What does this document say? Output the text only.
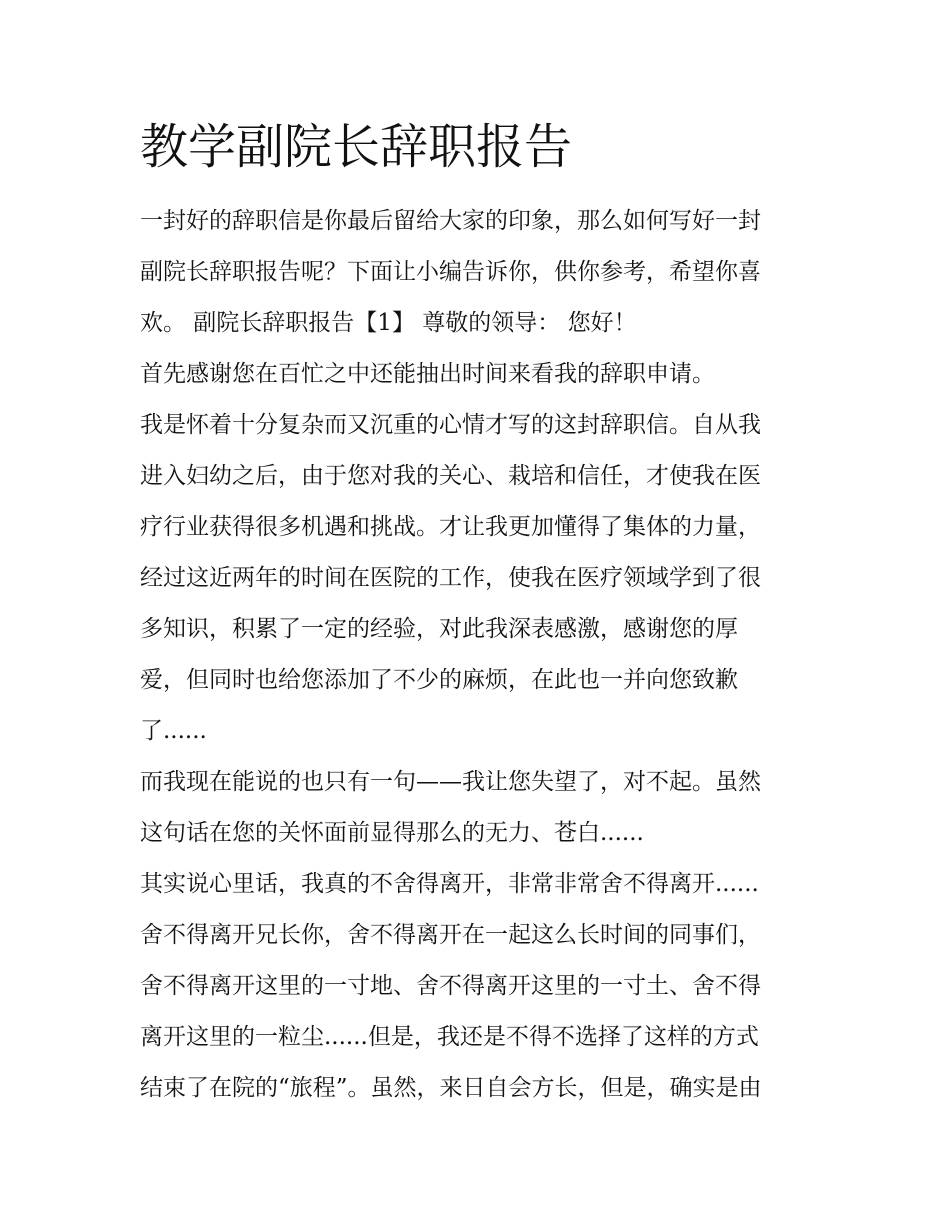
教学副院长辞职报告
一封好的辞职信是你最后留给大家的印象，那么如何写好一封
副院长辞职报告呢？下面让小编告诉你，供你参考，希望你喜
欢。 副院长辞职报告【1】 尊敬的领导： 您好！
首先感谢您在百忙之中还能抽出时间来看我的辞职申请。
我是怀着十分复杂而又沉重的心情才写的这封辞职信。自从我
进入妇幼之后，由于您对我的关心、栽培和信任，才使我在医
疗行业获得很多机遇和挑战。才让我更加懂得了集体的力量，
经过这近两年的时间在医院的工作，使我在医疗领域学到了很
多知识，积累了一定的经验，对此我深表感激，感谢您的厚
爱，但同时也给您添加了不少的麻烦，在此也一并向您致歉
了......
而我现在能说的也只有一句——我让您失望了，对不起。虽然
这句话在您的关怀面前显得那么的无力、苍白......
其实说心里话，我真的不舍得离开，非常非常舍不得离开......
舍不得离开兄长你，舍不得离开在一起这么长时间的同事们，
舍不得离开这里的一寸地、舍不得离开这里的一寸土、舍不得
离开这里的一粒尘......但是，我还是不得不选择了这样的方式
结束了在院的“旅程”。虽然，来日自会方长，但是，确实是由
